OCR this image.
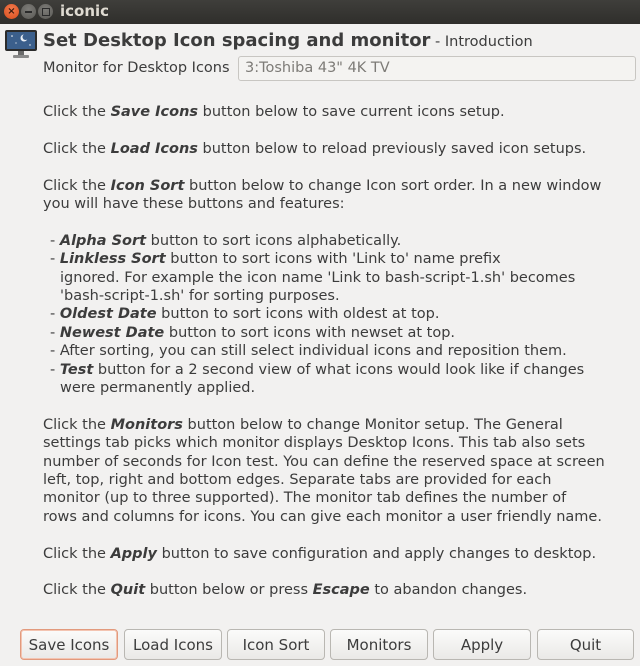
×	iconic
Set Desktop Icon spacing and monitor - Introduction
Monitor for Desktop Icons	3:Toshiba 43" 4K TV

Click the Save Icons button below to save current icons setup.

Click the Load Icons button below to reload previously saved icon setups.

Click the Icon Sort button below to change Icon sort order. In a new window

you will have these buttons and features:

- Alpha Sort button to sort icons alphabetically.

- Linkless Sort button to sort icons with 'Link to' name prefix

ignored. For example the icon name 'Link to bash-script-1.sh' becomes

'bash-script-1.sh' for sorting purposes.

- Oldest Date button to sort icons with oldest at top.

- Newest Date button to sort icons with newset at top.

- After sorting, you can still select individual icons and reposition them.

- Test button for a 2 second view of what icons would look like if changes

were permanently applied.

Click the Monitors button below to change Monitor setup. The General

settings tab picks which monitor displays Desktop Icons. This tab also sets

number of seconds for Icon test. You can define the reserved space at screen

left, top, right and bottom edges. Separate tabs are provided for each

monitor (up to three supported). The monitor tab defines the number of

rows and columns for icons. You can give each monitor a user friendly name.

Click the Apply button to save configuration and apply changes to desktop.

Click the Quit button below or press Escape to abandon changes.

Save Icons	Load Icons	Icon Sort	Monitors	Apply	Quit
